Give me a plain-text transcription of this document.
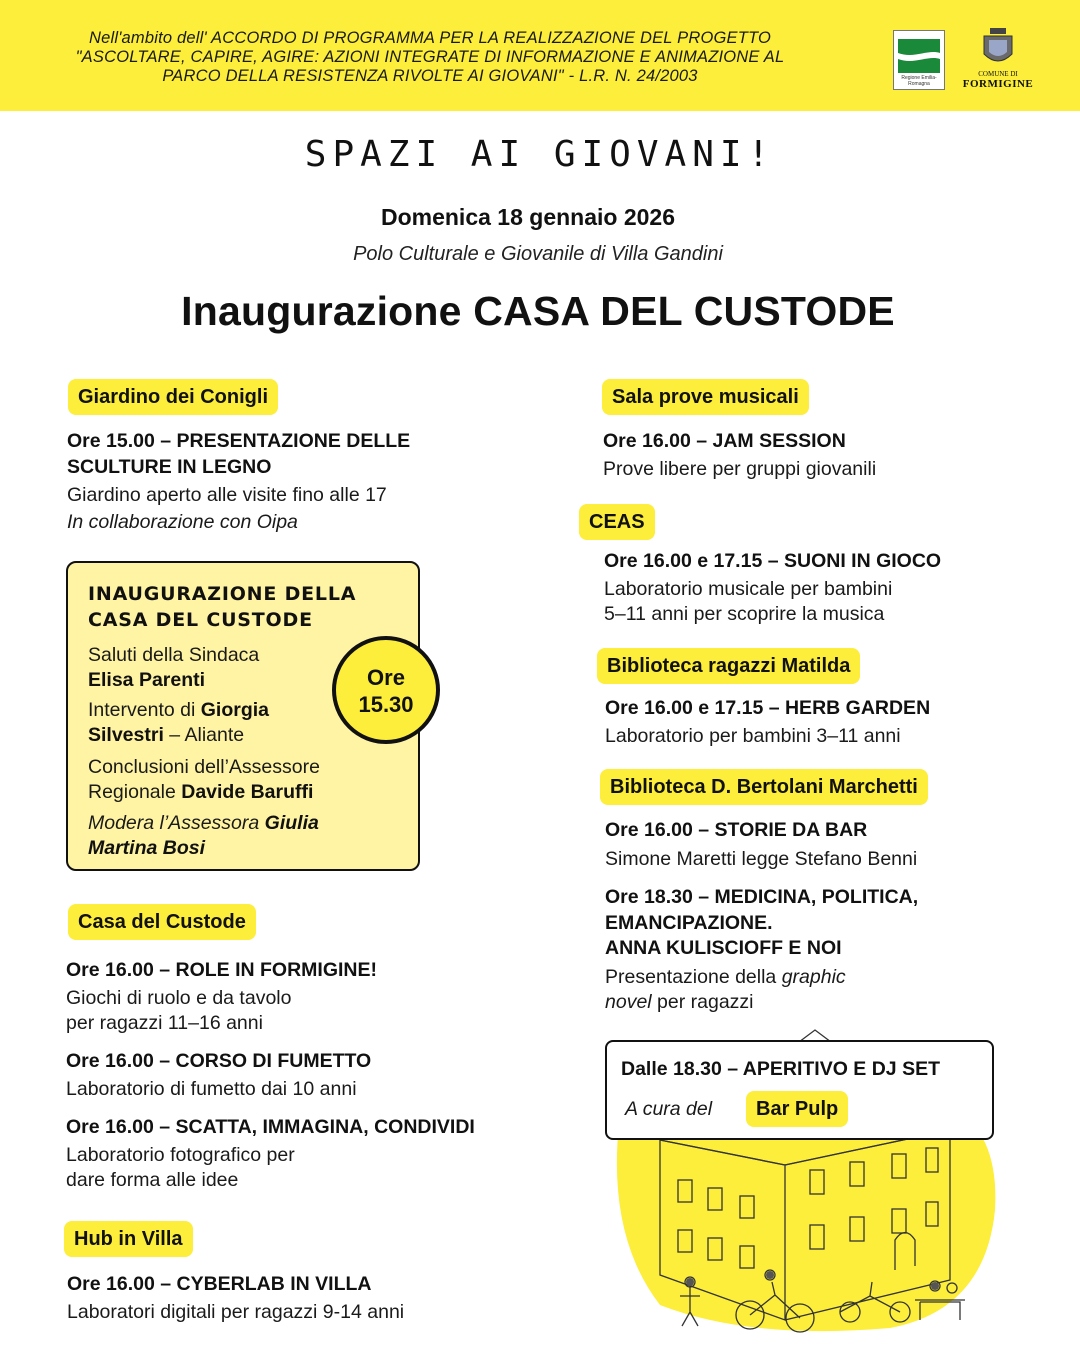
Nell'ambito dell' ACCORDO DI PROGRAMMA PER LA REALIZZAZIONE DEL PROGETTO
"ASCOLTARE, CAPIRE, AGIRE: AZIONI INTEGRATE DI INFORMAZIONE E ANIMAZIONE AL
PARCO DELLA RESISTENZA RIVOLTE AI GIOVANI" - L.R. N. 24/2003	Regione Emilia-Romagna
COMUNE DI
FORMIGINE
SPAZI AI GIOVANI!
Domenica 18 gennaio 2026
Polo Culturale e Giovanile di Villa Gandini
Inaugurazione CASA DEL CUSTODE
Giardino dei Conigli
Ore 15.00 – PRESENTAZIONE DELLE
SCULTURE IN LEGNO
Giardino aperto alle visite fino alle 17
In collaborazione con Oipa
INAUGURAZIONE DELLA
CASA DEL CUSTODE
Saluti della Sindaca
Elisa Parenti
Intervento di Giorgia
Silvestri – Aliante
Conclusioni dell’Assessore
Regionale Davide Baruffi
Modera l’Assessora Giulia
Martina Bosi
Ore
15.30
Casa del Custode
Ore 16.00 – ROLE IN FORMIGINE!
Giochi di ruolo e da tavolo
per ragazzi 11–16 anni
Ore 16.00 – CORSO DI FUMETTO
Laboratorio di fumetto dai 10 anni
Ore 16.00 – SCATTA, IMMAGINA, CONDIVIDI
Laboratorio fotografico per
dare forma alle idee
Hub in Villa
Ore 16.00 – CYBERLAB IN VILLA
Laboratori digitali per ragazzi 9-14 anni
Sala prove musicali
Ore 16.00 – JAM SESSION
Prove libere per gruppi giovanili
CEAS
Ore 16.00 e 17.15 – SUONI IN GIOCO
Laboratorio musicale per bambini
5–11 anni per scoprire la musica
Biblioteca ragazzi Matilda
Ore 16.00 e 17.15 – HERB GARDEN
Laboratorio per bambini 3–11 anni
Biblioteca D. Bertolani Marchetti
Ore 16.00 – STORIE DA BAR
Simone Maretti legge Stefano Benni
Ore 18.30 – MEDICINA, POLITICA,
EMANCIPAZIONE.
ANNA KULISCIOFF E NOI
Presentazione della graphic
novel per ragazzi
Dalle 18.30 – APERITIVO E DJ SET
A cura del	Bar Pulp
